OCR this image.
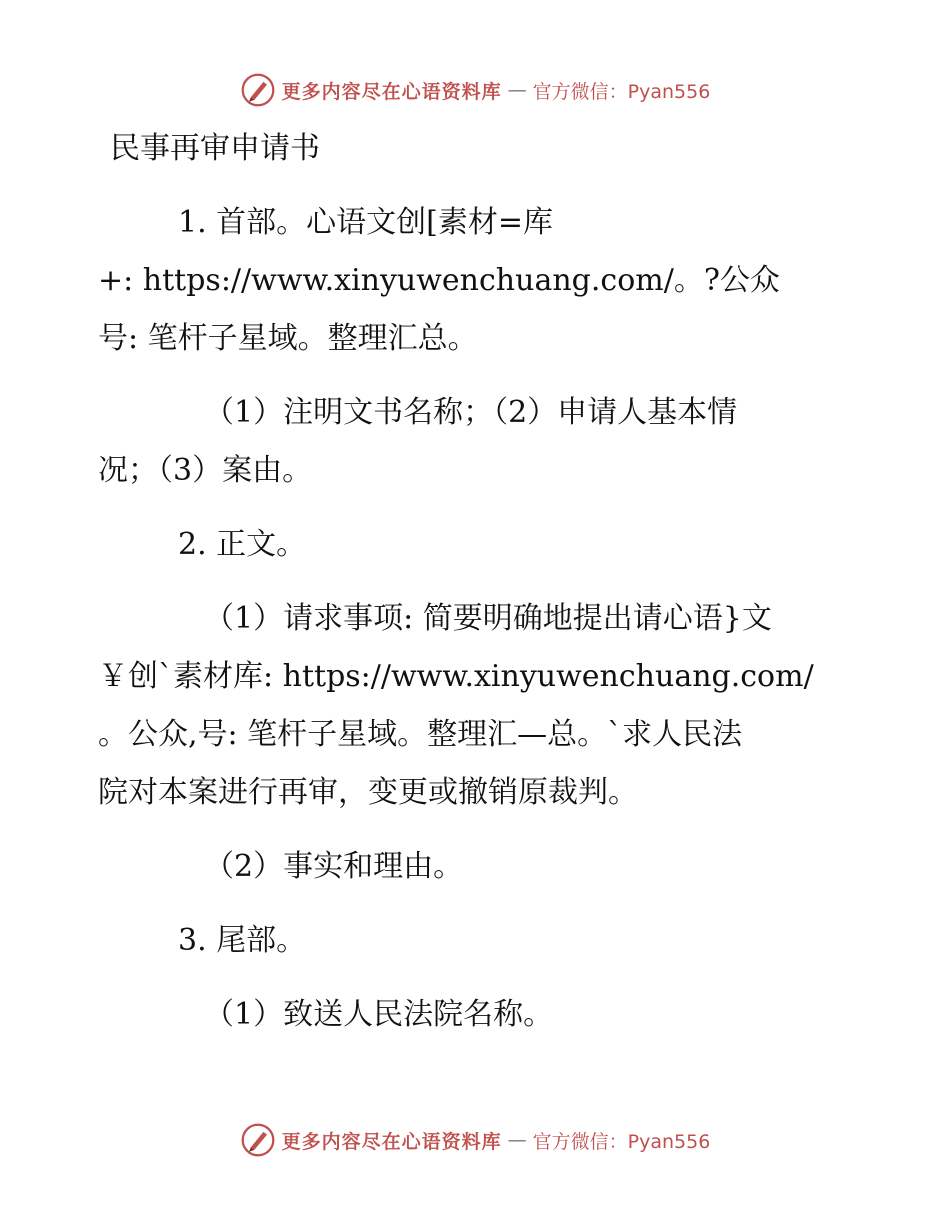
更多内容尽在心语资料库 — 官方微信：Pyan556

民事再审申请书

1. 首部。心语文创[素材=库
+: https://www.xinyuwenchuang.com/。?公众
号: 笔杆子星域。整理汇总。

（1）注明文书名称；（2）申请人基本情
况；（3）案由。

2. 正文。

（1）请求事项: 简要明确地提出请心语}文
￥创`素材库: https://www.xinyuwenchuang.com/
。公众,号: 笔杆子星域。整理汇—总。`求人民法
院对本案进行再审，变更或撤销原裁判。

（2）事实和理由。

3. 尾部。

（1）致送人民法院名称。

更多内容尽在心语资料库 — 官方微信：Pyan556
